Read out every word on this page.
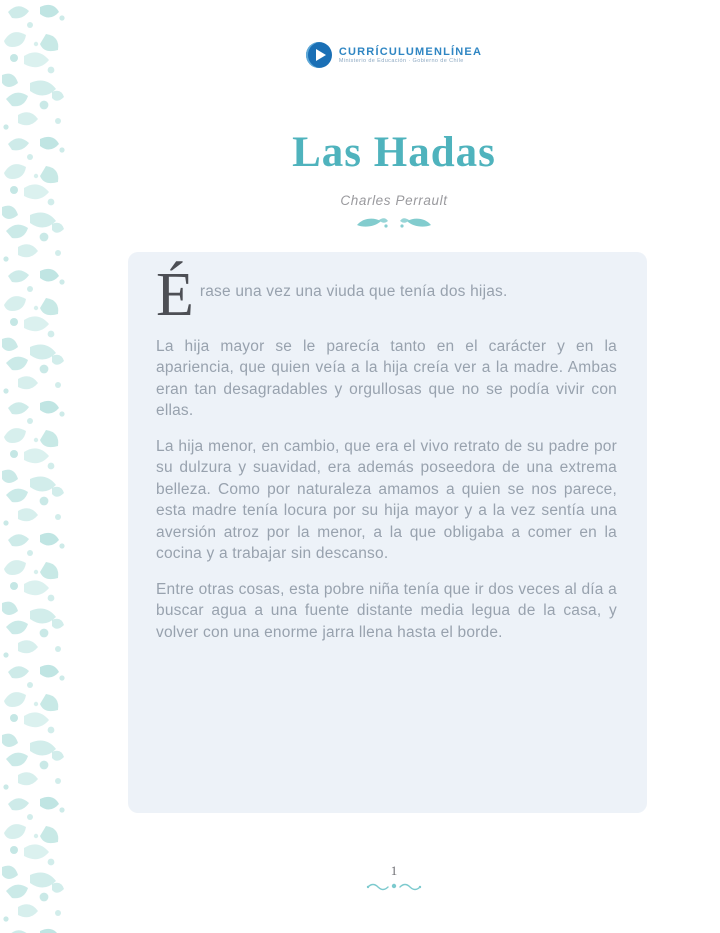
CURRÍCULUMENLÍNEA
Ministerio de Educación · Gobierno de Chile
Las Hadas
Charles Perrault
É rase una vez una viuda que tenía dos hijas.

La hija mayor se le parecía tanto en el carácter y en la apariencia, que quien veía a la hija creía ver a la madre. Ambas eran tan desagradables y orgullosas que no se podía vivir con ellas.

La hija menor, en cambio, que era el vivo retrato de su padre por su dulzura y suavidad, era además poseedora de una extrema belleza. Como por naturaleza amamos a quien se nos parece, esta madre tenía locura por su hija mayor y a la vez sentía una aversión atroz por la menor, a la que obligaba a comer en la cocina y a trabajar sin descanso.

Entre otras cosas, esta pobre niña tenía que ir dos veces al día a buscar agua a una fuente distante media legua de la casa, y volver con una enorme jarra llena hasta el borde.

1
